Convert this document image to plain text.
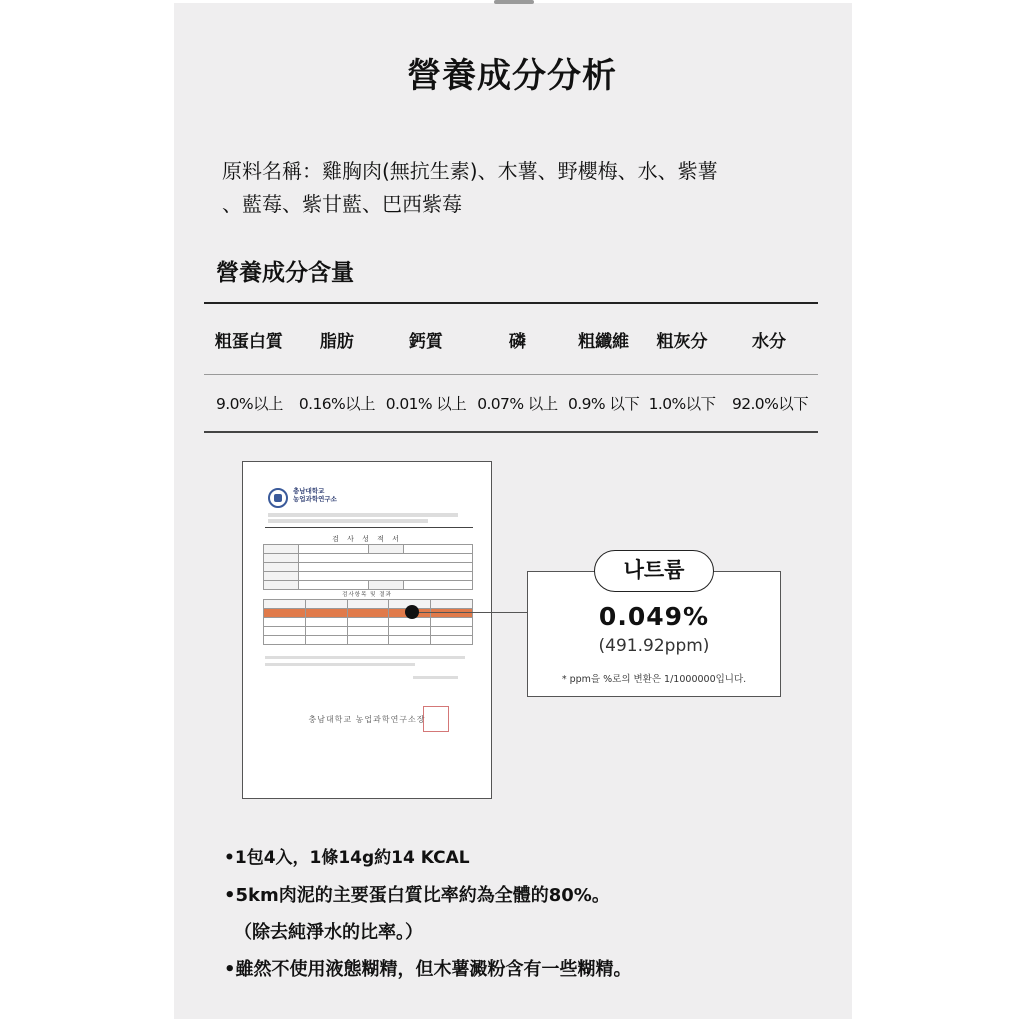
營養成分分析
原料名稱：雞胸肉(無抗生素)、木薯、野櫻梅、水、紫薯
、藍莓、紫甘藍、巴西紫莓
營養成分含量
粗蛋白質	脂肪	鈣質	磷	粗纖維	粗灰分	水分
9.0%以上	0.16%以上	0.01% 以上	0.07% 以上	0.9% 以下	1.0%以下	92.0%以下
충남대학교
농업과학연구소
검 사 성 적 서

검사항목 및 결과

충남대학교 농업과학연구소장
나트륨
0.049%
(491.92ppm)
* ppm을 %로의 변환은 1/1000000입니다.
•1包4入，1條14g約14 KCAL
•5km肉泥的主要蛋白質比率約為全體的80%。
（除去純淨水的比率。）
•雖然不使用液態糊精，但木薯澱粉含有一些糊精。
